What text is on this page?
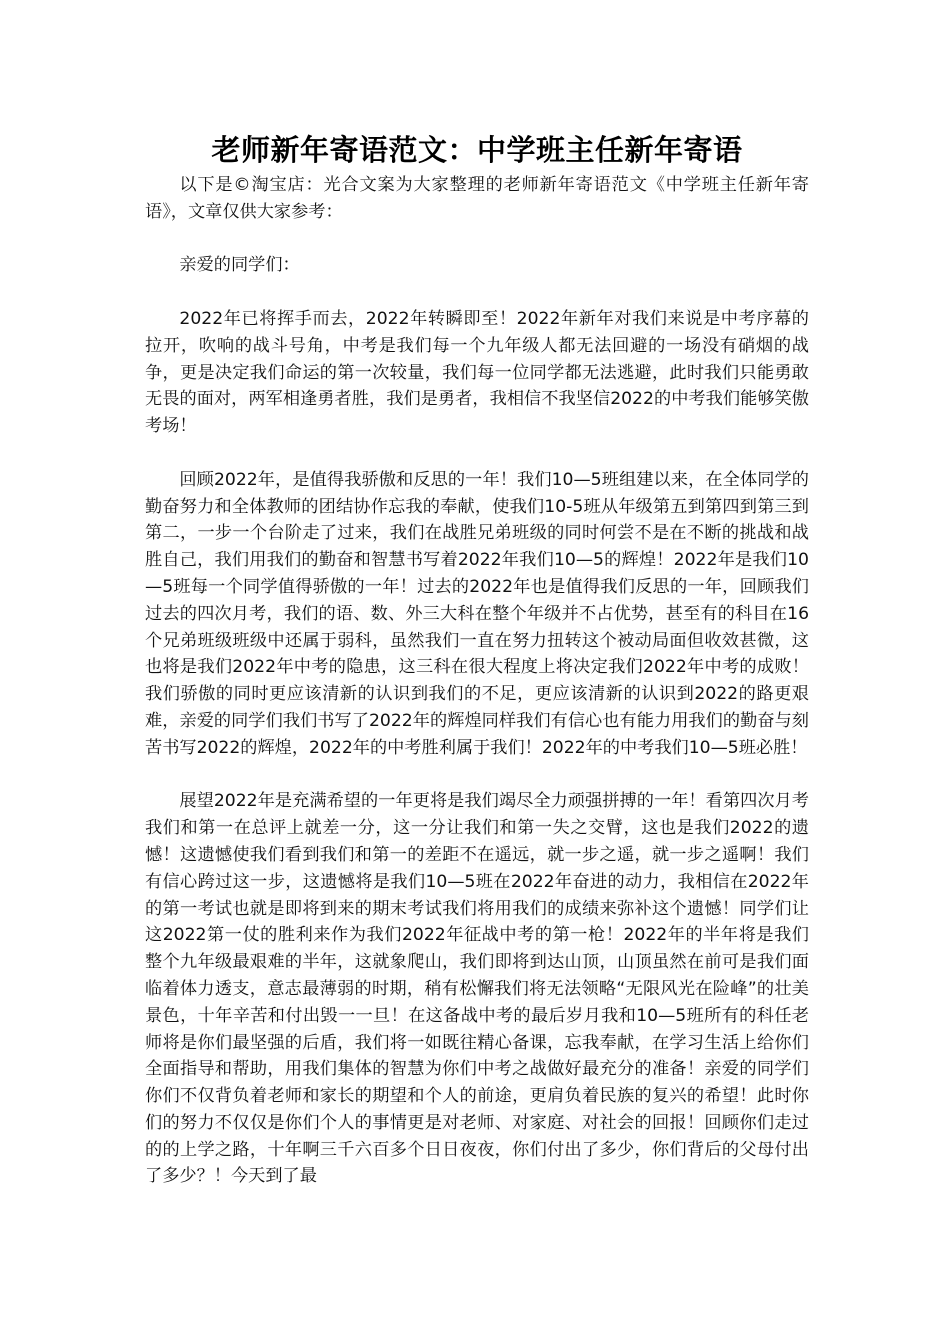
老师新年寄语范文：中学班主任新年寄语

以下是©淘宝店：光合文案为大家整理的老师新年寄语范文《中学班主任新年寄语》，文章仅供大家参考：

亲爱的同学们：

2022年已将挥手而去，2022年转瞬即至！2022年新年对我们来说是中考序幕的拉开，吹响的战斗号角，中考是我们每一个九年级人都无法回避的一场没有硝烟的战争，更是决定我们命运的第一次较量，我们每一位同学都无法逃避，此时我们只能勇敢无畏的面对，两军相逢勇者胜，我们是勇者，我相信不我坚信2022的中考我们能够笑傲考场！

回顾2022年，是值得我骄傲和反思的一年！我们10—5班组建以来，在全体同学的勤奋努力和全体教师的团结协作忘我的奉献，使我们10-5班从年级第五到第四到第三到第二，一步一个台阶走了过来，我们在战胜兄弟班级的同时何尝不是在不断的挑战和战胜自己，我们用我们的勤奋和智慧书写着2022年我们10—5的辉煌！2022年是我们10—5班每一个同学值得骄傲的一年！过去的2022年也是值得我们反思的一年，回顾我们过去的四次月考，我们的语、数、外三大科在整个年级并不占优势，甚至有的科目在16个兄弟班级班级中还属于弱科，虽然我们一直在努力扭转这个被动局面但收效甚微，这也将是我们2022年中考的隐患，这三科在很大程度上将决定我们2022年中考的成败！我们骄傲的同时更应该清新的认识到我们的不足，更应该清新的认识到2022的路更艰难，亲爱的同学们我们书写了2022年的辉煌同样我们有信心也有能力用我们的勤奋与刻苦书写2022的辉煌，2022年的中考胜利属于我们！2022年的中考我们10—5班必胜！

展望2022年是充满希望的一年更将是我们竭尽全力顽强拼搏的一年！看第四次月考我们和第一在总评上就差一分，这一分让我们和第一失之交臂，这也是我们2022的遗憾！这遗憾使我们看到我们和第一的差距不在遥远，就一步之遥，就一步之遥啊！我们有信心跨过这一步，这遗憾将是我们10—5班在2022年奋进的动力，我相信在2022年的第一考试也就是即将到来的期末考试我们将用我们的成绩来弥补这个遗憾！同学们让这2022第一仗的胜利来作为我们2022年征战中考的第一枪！2022年的半年将是我们整个九年级最艰难的半年，这就象爬山，我们即将到达山顶，山顶虽然在前可是我们面临着体力透支，意志最薄弱的时期，稍有松懈我们将无法领略“无限风光在险峰”的壮美景色，十年辛苦和付出毁一一旦！在这备战中考的最后岁月我和10—5班所有的科任老师将是你们最坚强的后盾，我们将一如既往精心备课，忘我奉献，在学习生活上给你们全面指导和帮助，用我们集体的智慧为你们中考之战做好最充分的准备！亲爱的同学们你们不仅背负着老师和家长的期望和个人的前途，更肩负着民族的复兴的希望！此时你们的努力不仅仅是你们个人的事情更是对老师、对家庭、对社会的回报！回顾你们走过的的上学之路，十年啊三千六百多个日日夜夜，你们付出了多少，你们背后的父母付出了多少？！今天到了最
